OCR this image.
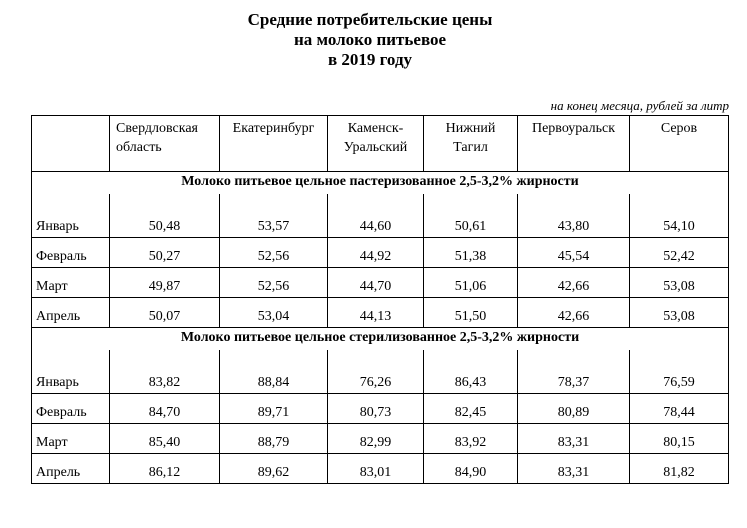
Средние потребительские цены
на молоко питьевое
в 2019 году
на конец месяца, рублей за литр
	Свердловская область	Екатеринбург	Каменск-Уральский	Нижний Тагил	Первоуральск	Серов
Молоко питьевое цельное пастеризованное 2,5-3,2% жирности						

Январь	50,48	53,57	44,60	50,61	43,80	54,10
Февраль	50,27	52,56	44,92	51,38	45,54	52,42
Март	49,87	52,56	44,70	51,06	42,66	53,08
Апрель	50,07	53,04	44,13	51,50	42,66	53,08
Молоко питьевое цельное стерилизованное 2,5-3,2% жирности						

Январь	83,82	88,84	76,26	86,43	78,37	76,59
Февраль	84,70	89,71	80,73	82,45	80,89	78,44
Март	85,40	88,79	82,99	83,92	83,31	80,15
Апрель	86,12	89,62	83,01	84,90	83,31	81,82
